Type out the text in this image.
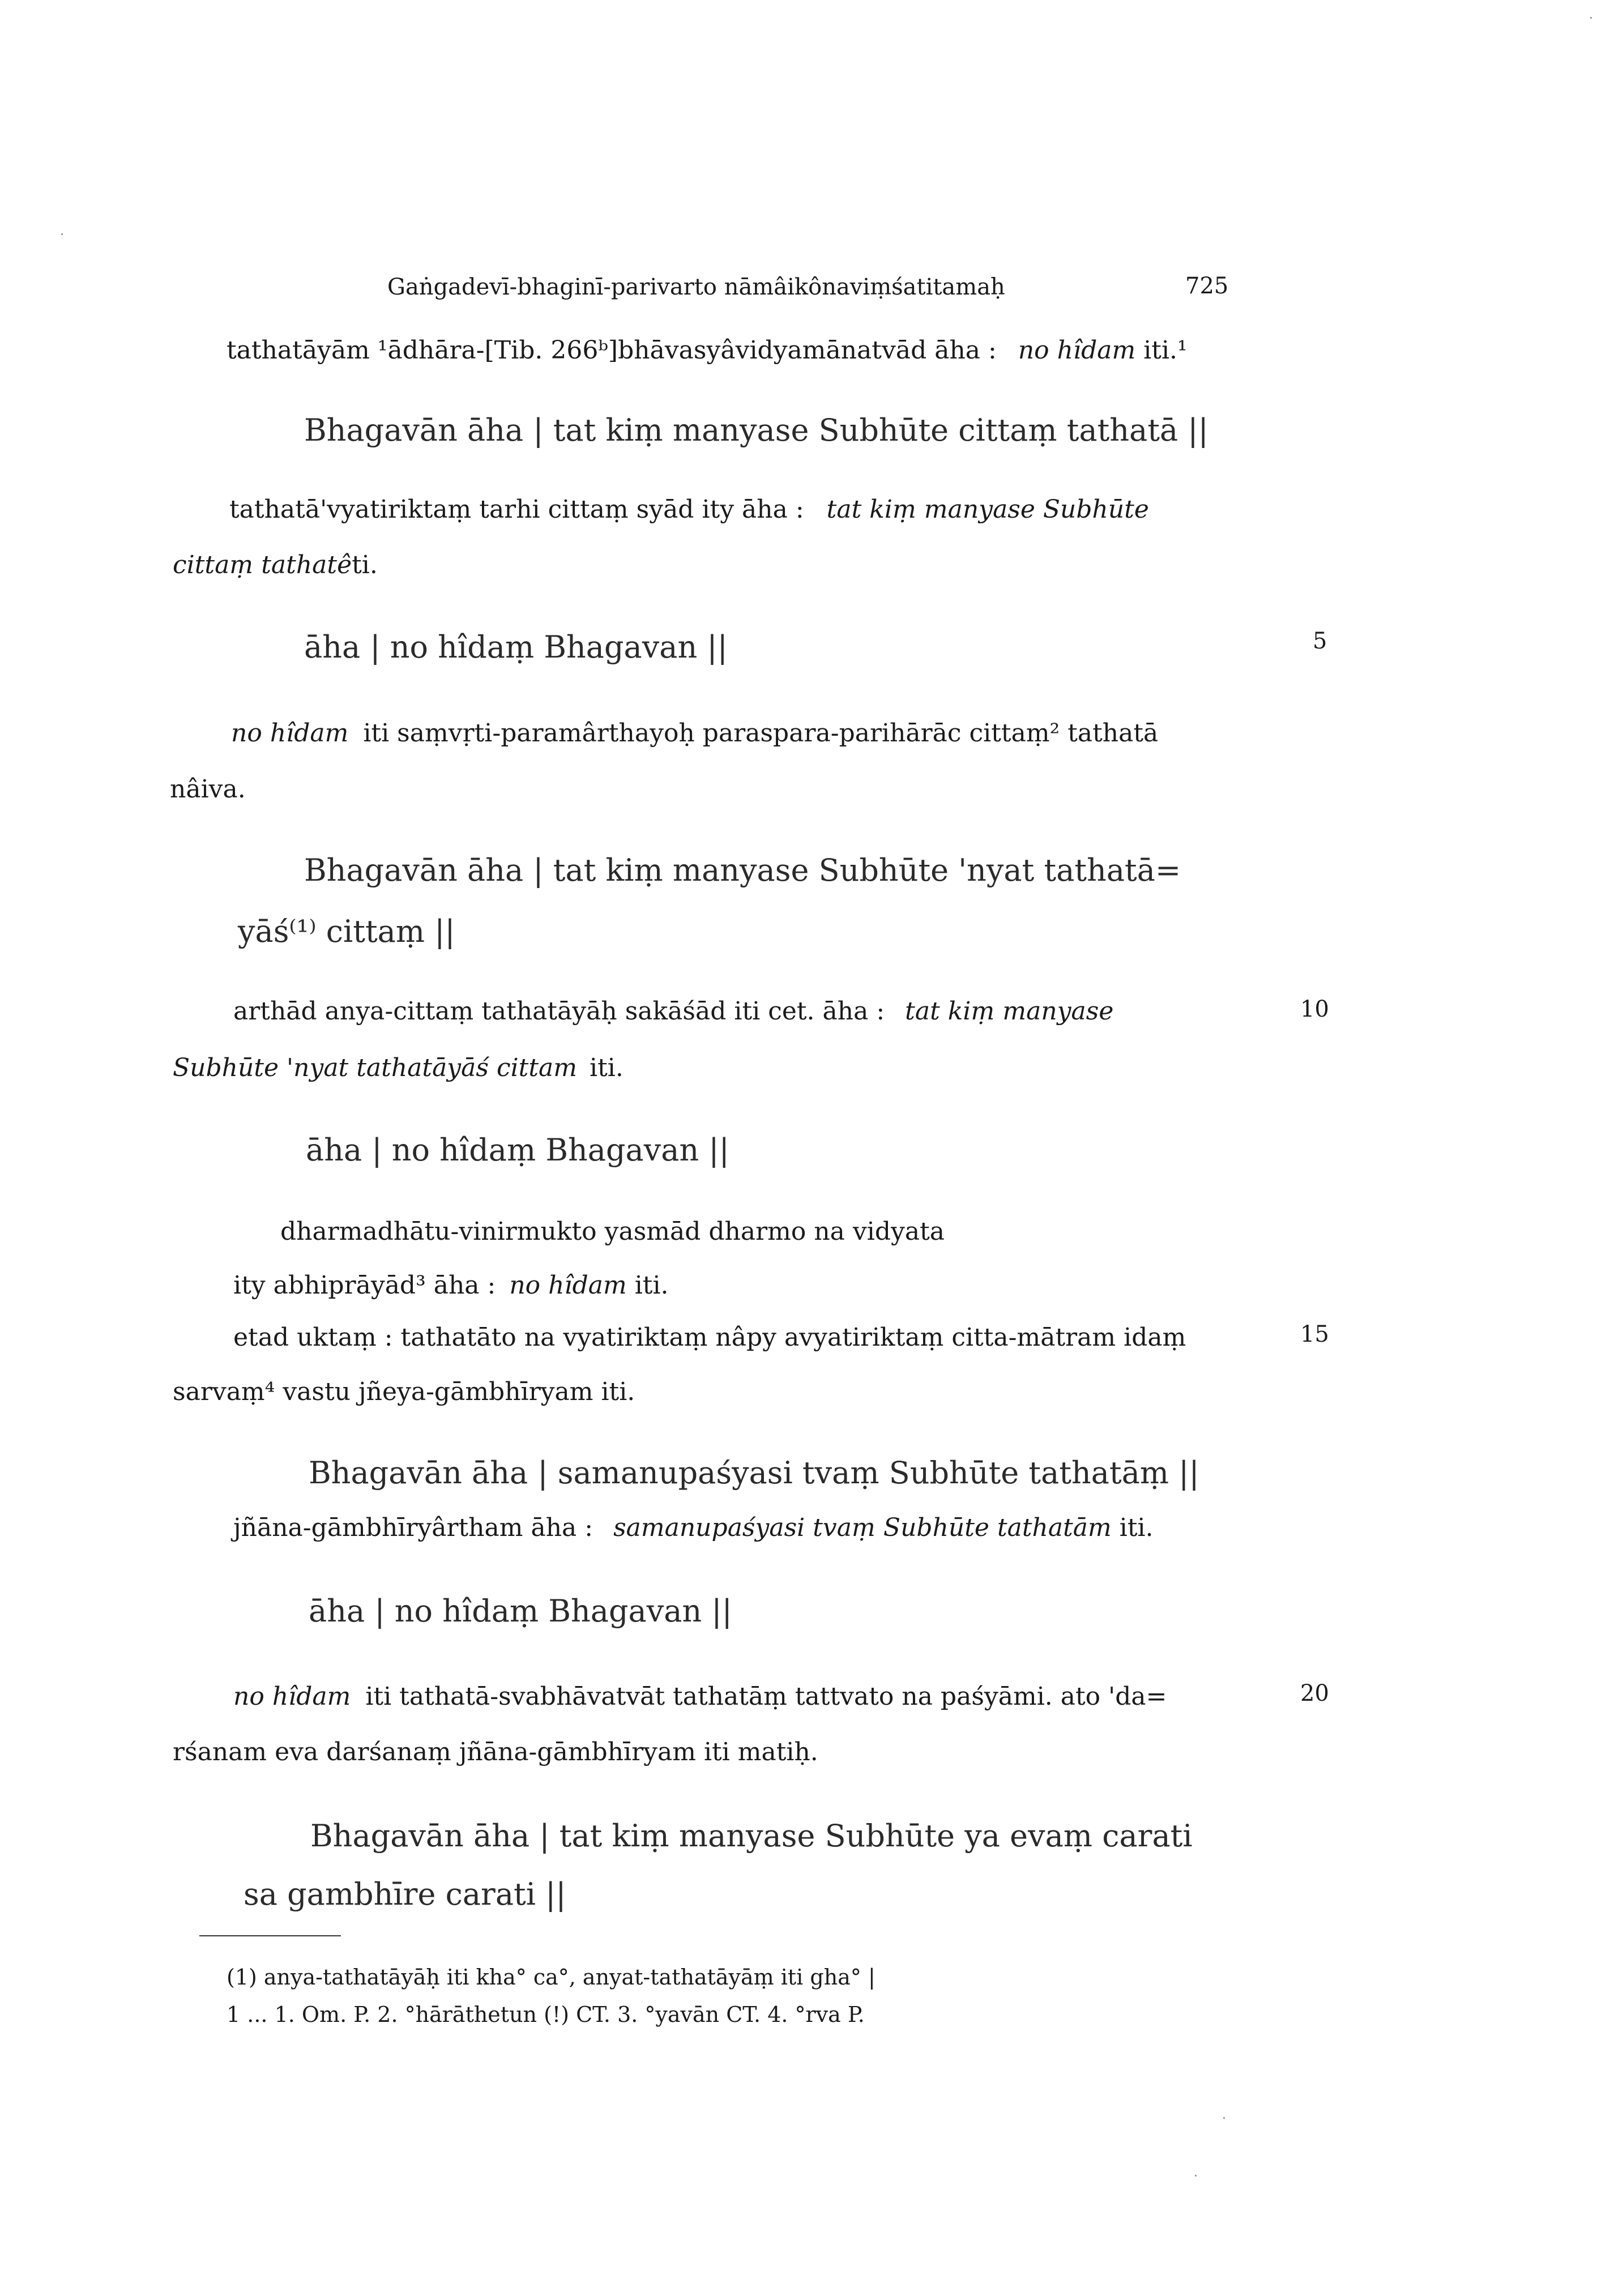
Gaṅgadevī-bhaginī-parivarto nāmâikônaviṃśatitamaḥ	725
tathatāyām ¹ādhāra-[Tib. 266ᵇ]bhāvasyâvidyamānatvād āha : no hîdam iti.¹
Bhagavān āha | tat kiṃ manyase Subhūte cittaṃ tathatā ||
tathatā'vyatiriktaṃ tarhi cittaṃ syād ity āha : tat kiṃ manyase Subhūte
cittaṃ tathatêti.
āha | no hîdaṃ Bhagavan ||	5
no hîdam iti saṃvṛti-paramârthayoḥ paraspara-parihārāc cittaṃ² tathatā
nâiva.
Bhagavān āha | tat kiṃ manyase Subhūte 'nyat tathatā=
yāś⁽¹⁾ cittaṃ ||
arthād anya-cittaṃ tathatāyāḥ sakāśād iti cet. āha : tat kiṃ manyase	10
Subhūte 'nyat tathatāyāś cittam iti.
āha | no hîdaṃ Bhagavan ||
dharmadhātu-vinirmukto yasmād dharmo na vidyata
ity abhiprāyād³ āha : no hîdam iti.
etad uktaṃ : tathatāto na vyatiriktaṃ nâpy avyatiriktaṃ citta-mātram idaṃ	15
sarvaṃ⁴ vastu jñeya-gāmbhīryam iti.
Bhagavān āha | samanupaśyasi tvaṃ Subhūte tathatāṃ ||
jñāna-gāmbhīryârtham āha : samanupaśyasi tvaṃ Subhūte tathatām iti.
āha | no hîdaṃ Bhagavan ||
no hîdam iti tathatā-svabhāvatvāt tathatāṃ tattvato na paśyāmi. ato 'da=	20
rśanam eva darśanaṃ jñāna-gāmbhīryam iti matiḥ.
Bhagavān āha | tat kiṃ manyase Subhūte ya evaṃ carati
sa gambhīre carati ||
(1) anya-tathatāyāḥ iti kha° ca°, anyat-tathatāyāṃ iti gha° |
1 ... 1. Om. P. 2. °hārāthetun (!) CT. 3. °yavān CT. 4. °rva P.
